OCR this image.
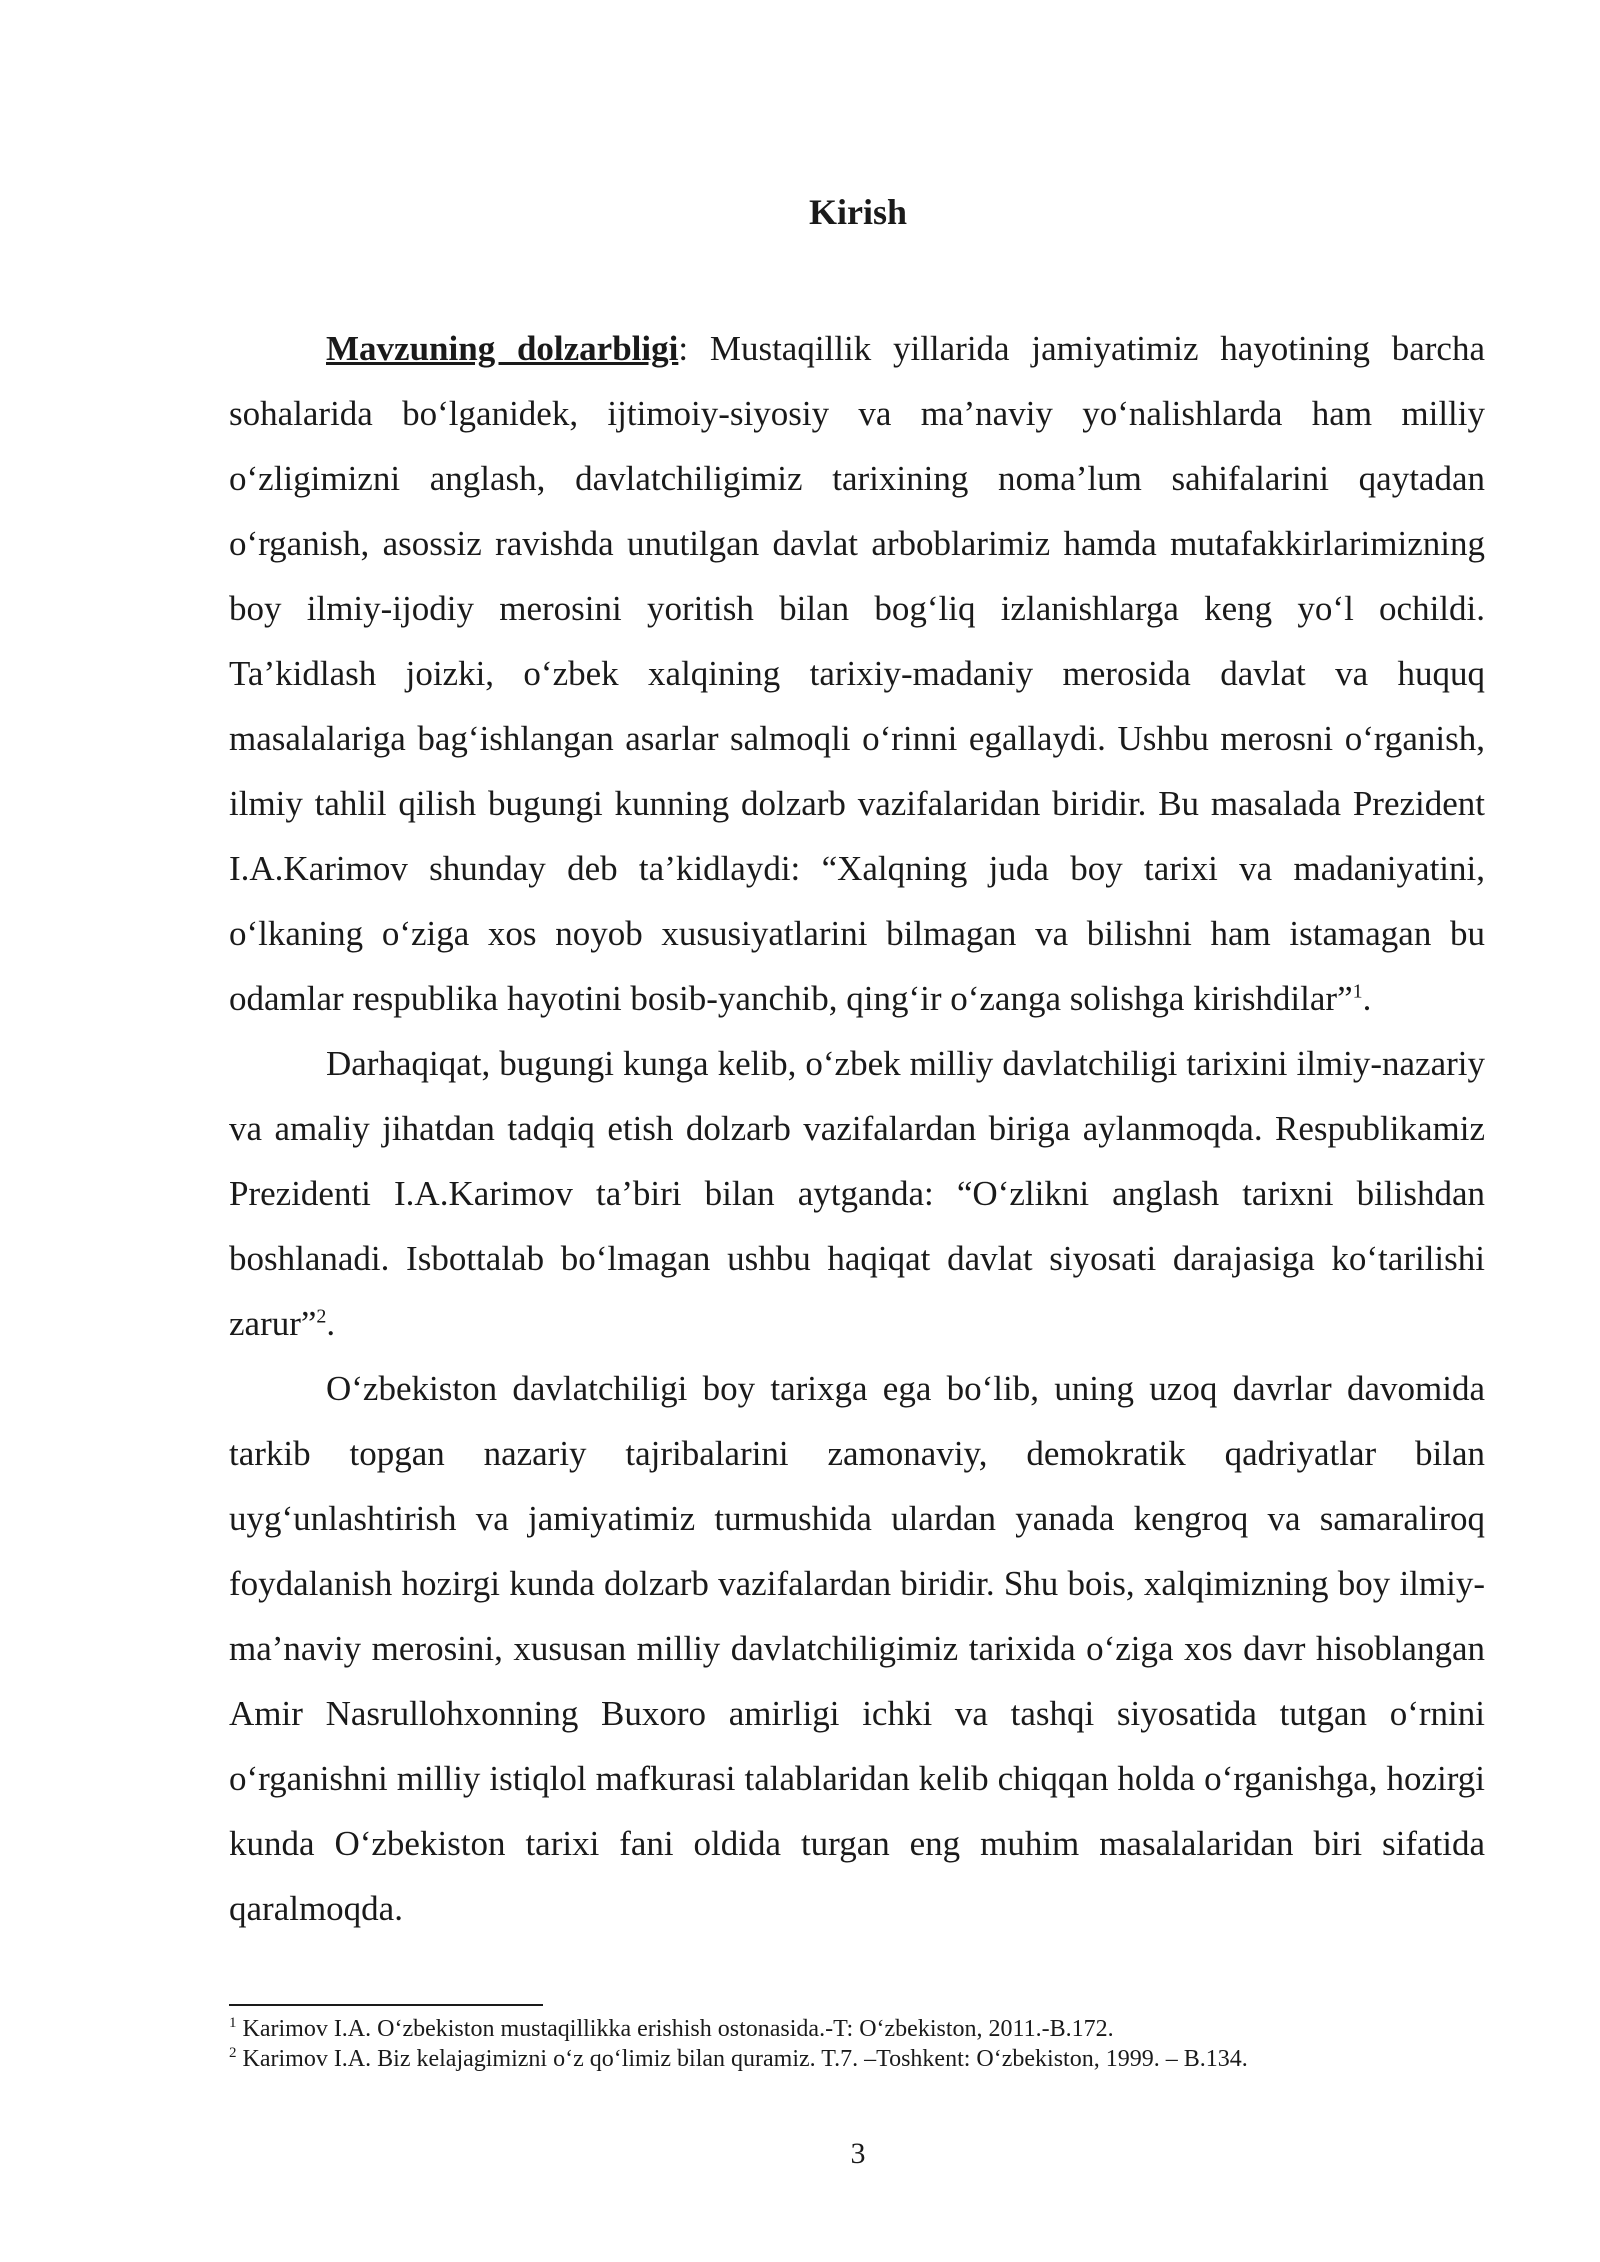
Kirish

Mavzuning dolzarbligi: Mustaqillik yillarida jamiyatimiz hayotining barcha sohalarida bo‘lganidek, ijtimoiy-siyosiy va ma’naviy yo‘nalishlarda ham milliy o‘zligimizni anglash, davlatchiligimiz tarixining noma’lum sahifalarini qaytadan o‘rganish, asossiz ravishda unutilgan davlat arboblarimiz hamda mutafakkirlarimizning boy ilmiy-ijodiy merosini yoritish bilan bog‘liq izlanishlarga keng yo‘l ochildi. Ta’kidlash joizki, o‘zbek xalqining tarixiy-madaniy merosida davlat va huquq masalalariga bag‘ishlangan asarlar salmoqli o‘rinni egallaydi. Ushbu merosni o‘rganish, ilmiy tahlil qilish bugungi kunning dolzarb vazifalaridan biridir. Bu masalada Prezident I.A.Karimov shunday deb ta’kidlaydi: “Xalqning juda boy tarixi va madaniyatini, o‘lkaning o‘ziga xos noyob xususiyatlarini bilmagan va bilishni ham istamagan bu odamlar respublika hayotini bosib-yanchib, qing‘ir o‘zanga solishga kirishdilar”$^1$.

Darhaqiqat, bugungi kunga kelib, o‘zbek milliy davlatchiligi tarixini ilmiy-nazariy va amaliy jihatdan tadqiq etish dolzarb vazifalardan biriga aylanmoqda. Respublikamiz Prezidenti I.A.Karimov ta’biri bilan aytganda: “O‘zlikni anglash tarixni bilishdan boshlanadi. Isbottalab bo‘lmagan ushbu haqiqat davlat siyosati darajasiga ko‘tarilishi zarur”$^2$.

O‘zbekiston davlatchiligi boy tarixga ega bo‘lib, uning uzoq davrlar davomida tarkib topgan nazariy tajribalarini zamonaviy, demokratik qadriyatlar bilan uyg‘unlashtirish va jamiyatimiz turmushida ulardan yanada kengroq va samaraliroq foydalanish hozirgi kunda dolzarb vazifalardan biridir. Shu bois, xalqimizning boy ilmiy-ma’naviy merosini, xususan milliy davlatchiligimiz tarixida o‘ziga xos davr hisoblangan Amir Nasrullohxonning Buxoro amirligi ichki va tashqi siyosatida tutgan o‘rnini o‘rganishni milliy istiqlol mafkurasi talablaridan kelib chiqqan holda o‘rganishga, hozirgi kunda O‘zbekiston tarixi fani oldida turgan eng muhim masalalaridan biri sifatida qaralmoqda.

$^1$ Karimov I.A. O‘zbekiston mustaqillikka erishish ostonasida.-T: O‘zbekiston, 2011.-B.172.

$^2$ Karimov I.A. Biz kelajagimizni o‘z qo‘limiz bilan quramiz. T.7. –Toshkent: O‘zbekiston, 1999. – B.134.

3
